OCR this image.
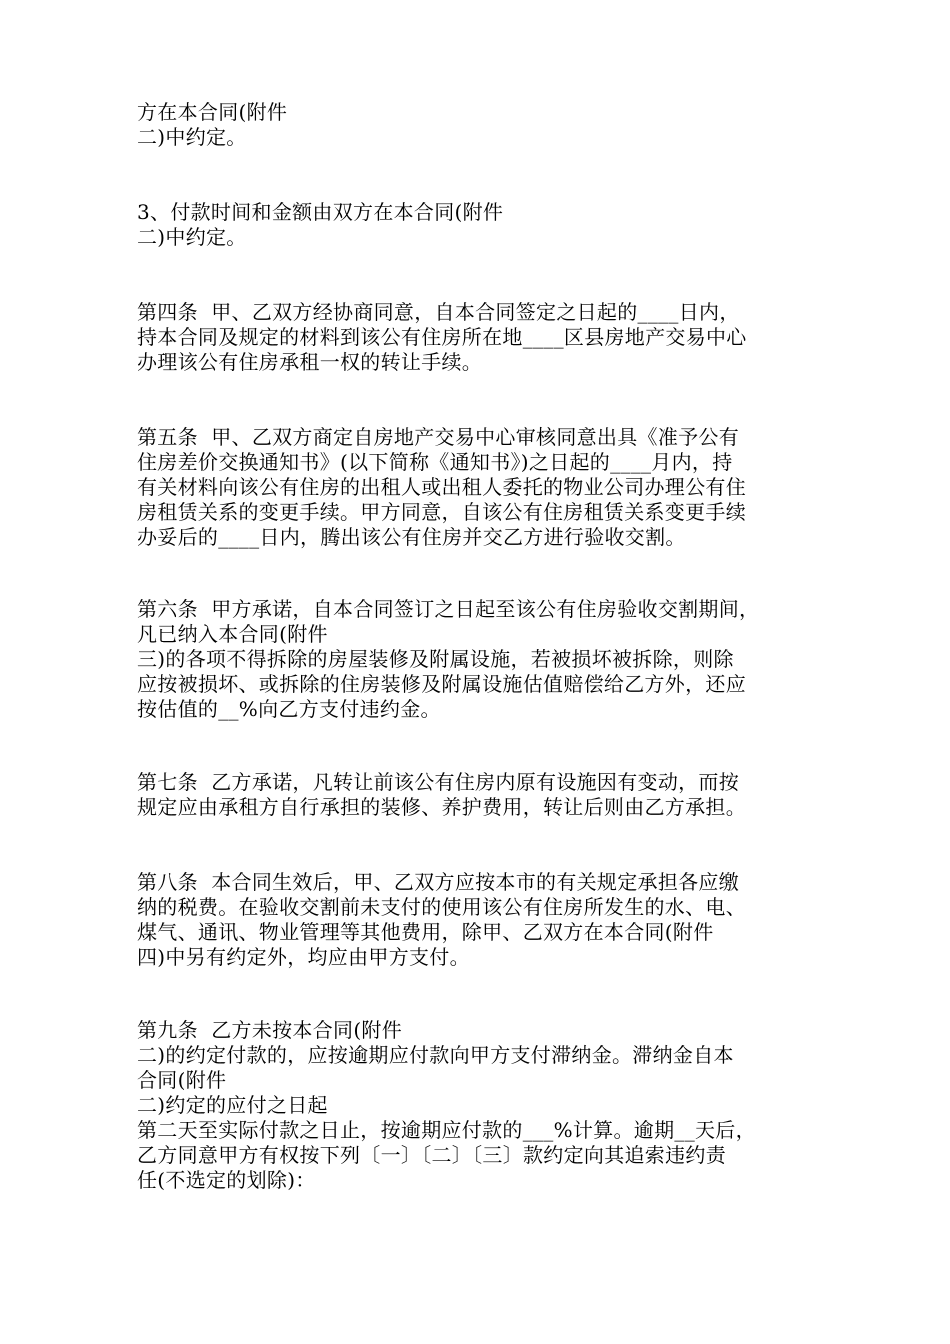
方在本合同(附件
二)中约定。
3、付款时间和金额由双方在本合同(附件
二)中约定。
第四条  甲、乙双方经协商同意，自本合同签定之日起的____日内，
持本合同及规定的材料到该公有住房所在地____区县房地产交易中心
办理该公有住房承租一权的转让手续。
第五条  甲、乙双方商定自房地产交易中心审核同意出具《准予公有
住房差价交换通知书》(以下简称《通知书》)之日起的____月内，持
有关材料向该公有住房的出租人或出租人委托的物业公司办理公有住
房租赁关系的变更手续。甲方同意，自该公有住房租赁关系变更手续
办妥后的____日内，腾出该公有住房并交乙方进行验收交割。
第六条  甲方承诺，自本合同签订之日起至该公有住房验收交割期间，
凡已纳入本合同(附件
三)的各项不得拆除的房屋装修及附属设施，若被损坏被拆除，则除
应按被损坏、或拆除的住房装修及附属设施估值赔偿给乙方外，还应
按估值的__%向乙方支付违约金。
第七条  乙方承诺，凡转让前该公有住房内原有设施因有变动，而按
规定应由承租方自行承担的装修、养护费用，转让后则由乙方承担。
第八条  本合同生效后，甲、乙双方应按本市的有关规定承担各应缴
纳的税费。在验收交割前未支付的使用该公有住房所发生的水、电、
煤气、通讯、物业管理等其他费用，除甲、乙双方在本合同(附件
四)中另有约定外，均应由甲方支付。
第九条  乙方未按本合同(附件
二)的约定付款的，应按逾期应付款向甲方支付滞纳金。滞纳金自本
合同(附件
二)约定的应付之日起
第二天至实际付款之日止，按逾期应付款的___%计算。逾期__天后，
乙方同意甲方有权按下列〔一〕〔二〕〔三〕款约定向其追索违约责
任(不选定的划除)：
